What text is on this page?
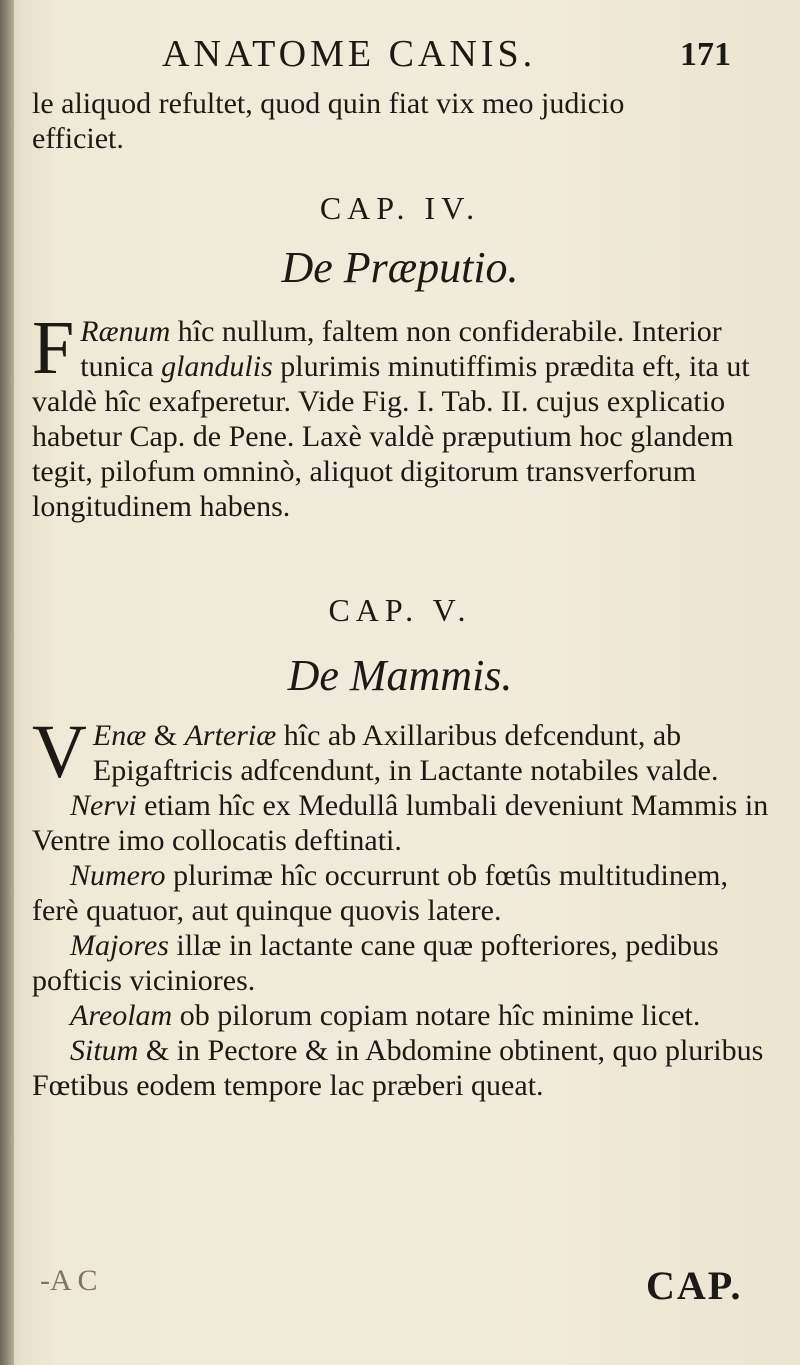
ANATOME CANIS.	171
le aliquod refultet, quod quin fiat vix meo judicio
efficiet.
CAP. IV.
De Præputio.

F Rænum hîc nullum, faltem non confiderabile. Interior tunica glandulis plurimis minutiffimis prædita eft, ita ut valdè hîc exafperetur. Vide Fig. I. Tab. II. cujus explicatio habetur Cap. de Pene. Laxè valdè præputium hoc glandem tegit, pilofum omninò, aliquot digitorum transverforum longitudinem habens.

CAP. V.
De Mammis.

V Enæ & Arteriæ hîc ab Axillaribus defcendunt, ab Epigaftricis adfcendunt, in Lactante notabiles valde.

Nervi etiam hîc ex Medullâ lumbali deveniunt Mammis in Ventre imo collocatis deftinati.

Numero plurimæ hîc occurrunt ob fœtûs multitudinem, ferè quatuor, aut quinque quovis latere.

Majores illæ in lactante cane quæ pofteriores, pedibus pofticis viciniores.

Areolam ob pilorum copiam notare hîc minime licet.

Situm & in Pectore & in Abdomine obtinent, quo pluribus Fœtibus eodem tempore lac præberi queat.

-A C	CAP.
